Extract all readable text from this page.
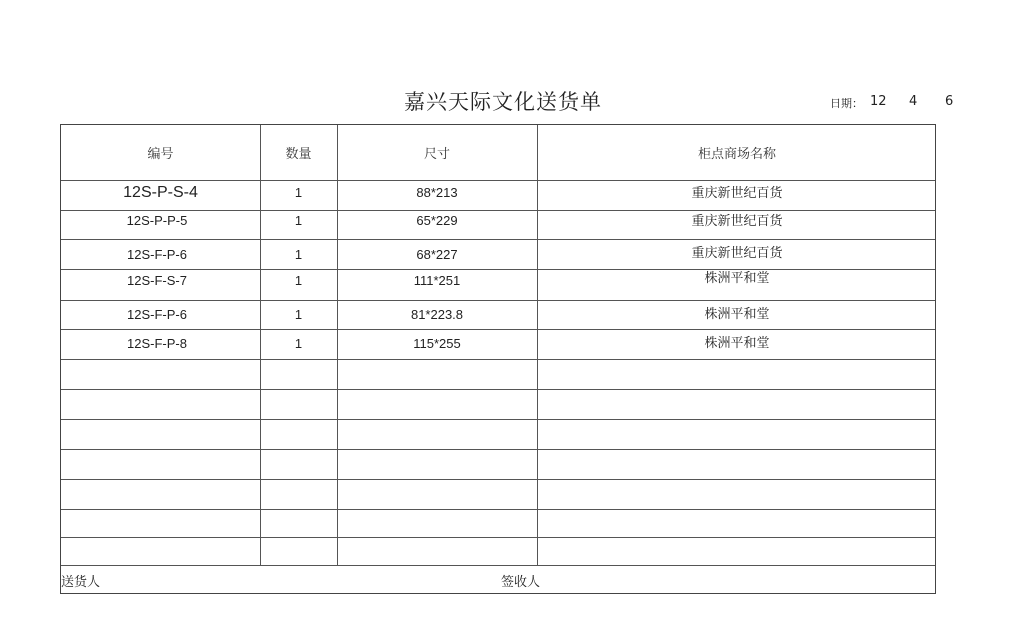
嘉兴天际文化送货单	日期： 12 4 6
编号	数量	尺寸	柜点商场名称
12S-P-S-4	1	88*213	重庆新世纪百货
12S-P-P-5	1	65*229	重庆新世纪百货
12S-F-P-6	1	68*227	重庆新世纪百货
12S-F-S-7	1	111*251	株洲平和堂
12S-F-P-6	1	81*223.8	株洲平和堂
12S-F-P-8	1	115*255	株洲平和堂
送货人	签收人
